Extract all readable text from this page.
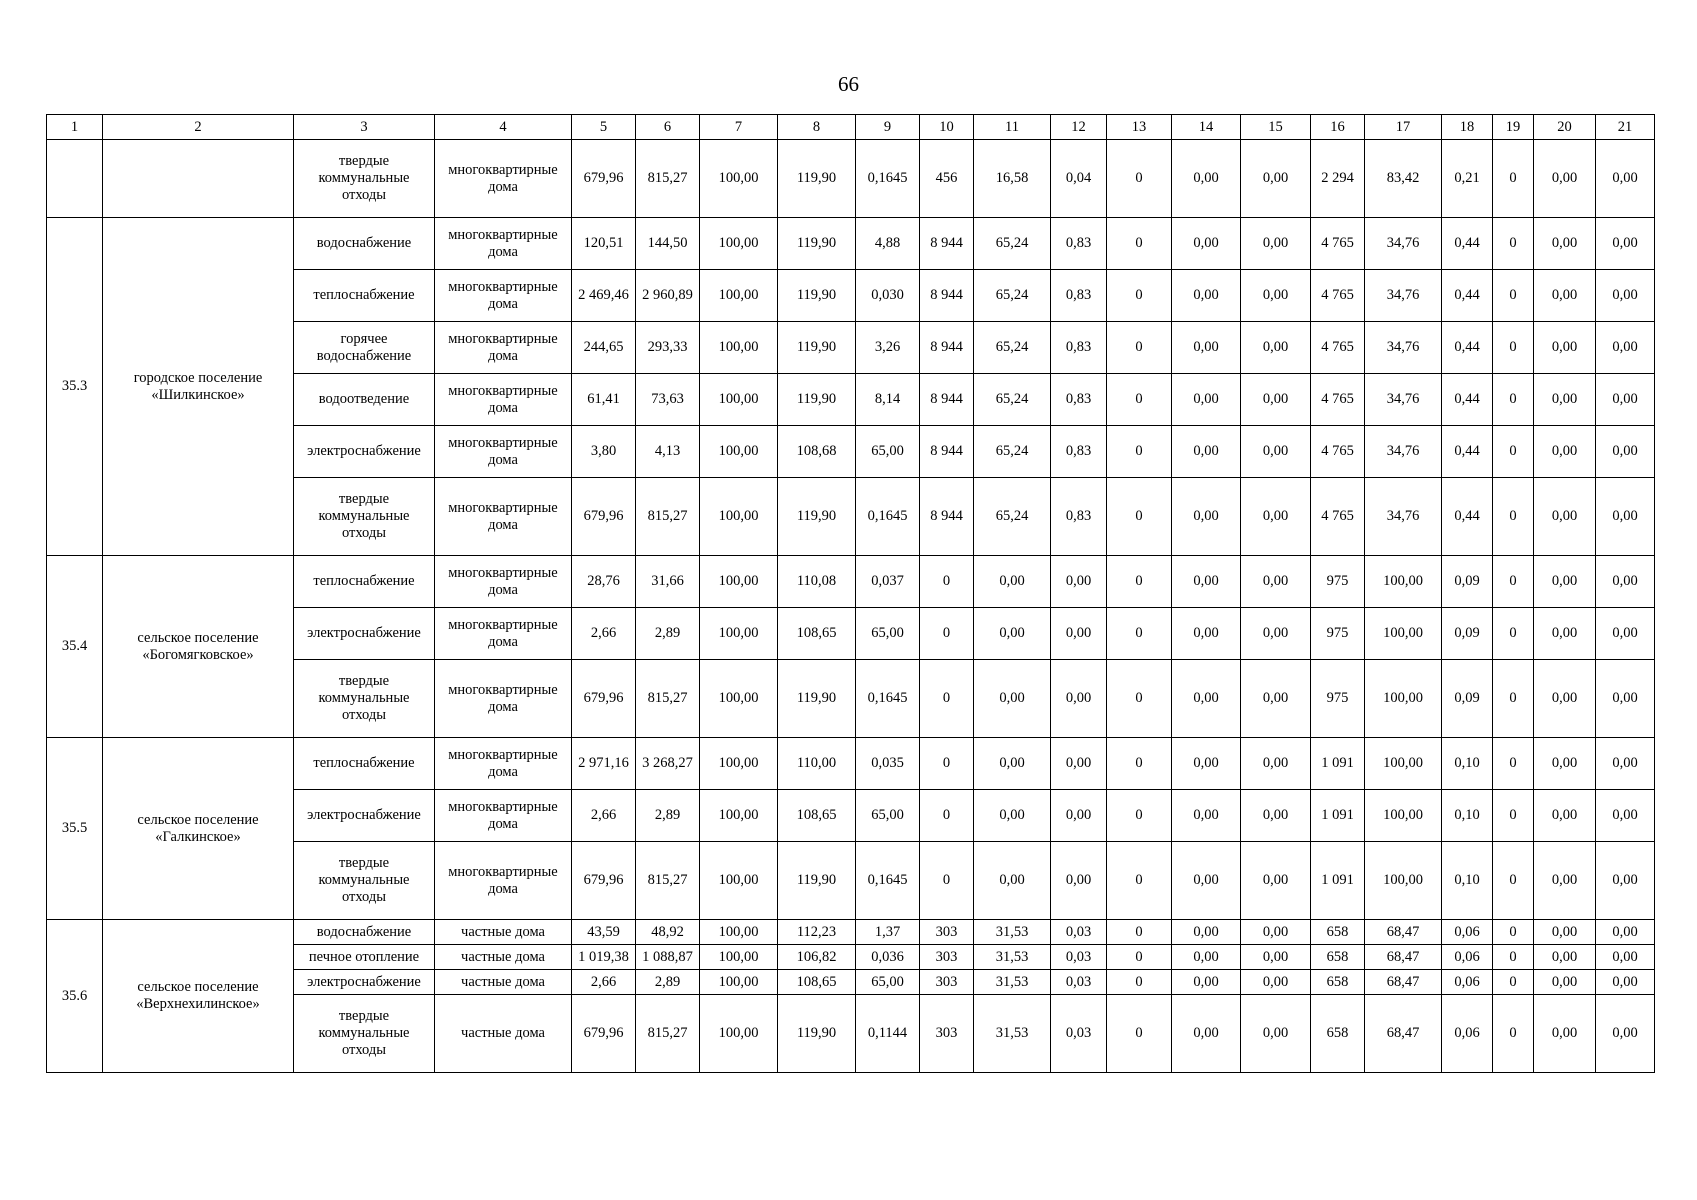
66
1	2	3	4	5	6	7	8	9	10	11	12	13	14	15	16	17	18	19	20	21
		твердые коммунальные отходы	многоквартирные дома	679,96	815,27	100,00	119,90	0,1645	456	16,58	0,04	0	0,00	0,00	2 294	83,42	0,21	0	0,00	0,00
35.3	городское поселение «Шилкинское»	водоснабжение	многоквартирные дома	120,51	144,50	100,00	119,90	4,88	8 944	65,24	0,83	0	0,00	0,00	4 765	34,76	0,44	0	0,00	0,00
		теплоснабжение	многоквартирные дома	2 469,46	2 960,89	100,00	119,90	0,030	8 944	65,24	0,83	0	0,00	0,00	4 765	34,76	0,44	0	0,00	0,00
		горячее водоснабжение	многоквартирные дома	244,65	293,33	100,00	119,90	3,26	8 944	65,24	0,83	0	0,00	0,00	4 765	34,76	0,44	0	0,00	0,00
		водоотведение	многоквартирные дома	61,41	73,63	100,00	119,90	8,14	8 944	65,24	0,83	0	0,00	0,00	4 765	34,76	0,44	0	0,00	0,00
		электроснабжение	многоквартирные дома	3,80	4,13	100,00	108,68	65,00	8 944	65,24	0,83	0	0,00	0,00	4 765	34,76	0,44	0	0,00	0,00
		твердые коммунальные отходы	многоквартирные дома	679,96	815,27	100,00	119,90	0,1645	8 944	65,24	0,83	0	0,00	0,00	4 765	34,76	0,44	0	0,00	0,00
35.4	сельское поселение «Богомягковское»	теплоснабжение	многоквартирные дома	28,76	31,66	100,00	110,08	0,037	0	0,00	0,00	0	0,00	0,00	975	100,00	0,09	0	0,00	0,00
		электроснабжение	многоквартирные дома	2,66	2,89	100,00	108,65	65,00	0	0,00	0,00	0	0,00	0,00	975	100,00	0,09	0	0,00	0,00
		твердые коммунальные отходы	многоквартирные дома	679,96	815,27	100,00	119,90	0,1645	0	0,00	0,00	0	0,00	0,00	975	100,00	0,09	0	0,00	0,00
35.5	сельское поселение «Галкинское»	теплоснабжение	многоквартирные дома	2 971,16	3 268,27	100,00	110,00	0,035	0	0,00	0,00	0	0,00	0,00	1 091	100,00	0,10	0	0,00	0,00
		электроснабжение	многоквартирные дома	2,66	2,89	100,00	108,65	65,00	0	0,00	0,00	0	0,00	0,00	1 091	100,00	0,10	0	0,00	0,00
		твердые коммунальные отходы	многоквартирные дома	679,96	815,27	100,00	119,90	0,1645	0	0,00	0,00	0	0,00	0,00	1 091	100,00	0,10	0	0,00	0,00
35.6	сельское поселение «Верхнехилинское»	водоснабжение	частные дома	43,59	48,92	100,00	112,23	1,37	303	31,53	0,03	0	0,00	0,00	658	68,47	0,06	0	0,00	0,00
		печное отопление	частные дома	1 019,38	1 088,87	100,00	106,82	0,036	303	31,53	0,03	0	0,00	0,00	658	68,47	0,06	0	0,00	0,00
		электроснабжение	частные дома	2,66	2,89	100,00	108,65	65,00	303	31,53	0,03	0	0,00	0,00	658	68,47	0,06	0	0,00	0,00
		твердые коммунальные отходы	частные дома	679,96	815,27	100,00	119,90	0,1144	303	31,53	0,03	0	0,00	0,00	658	68,47	0,06	0	0,00	0,00
